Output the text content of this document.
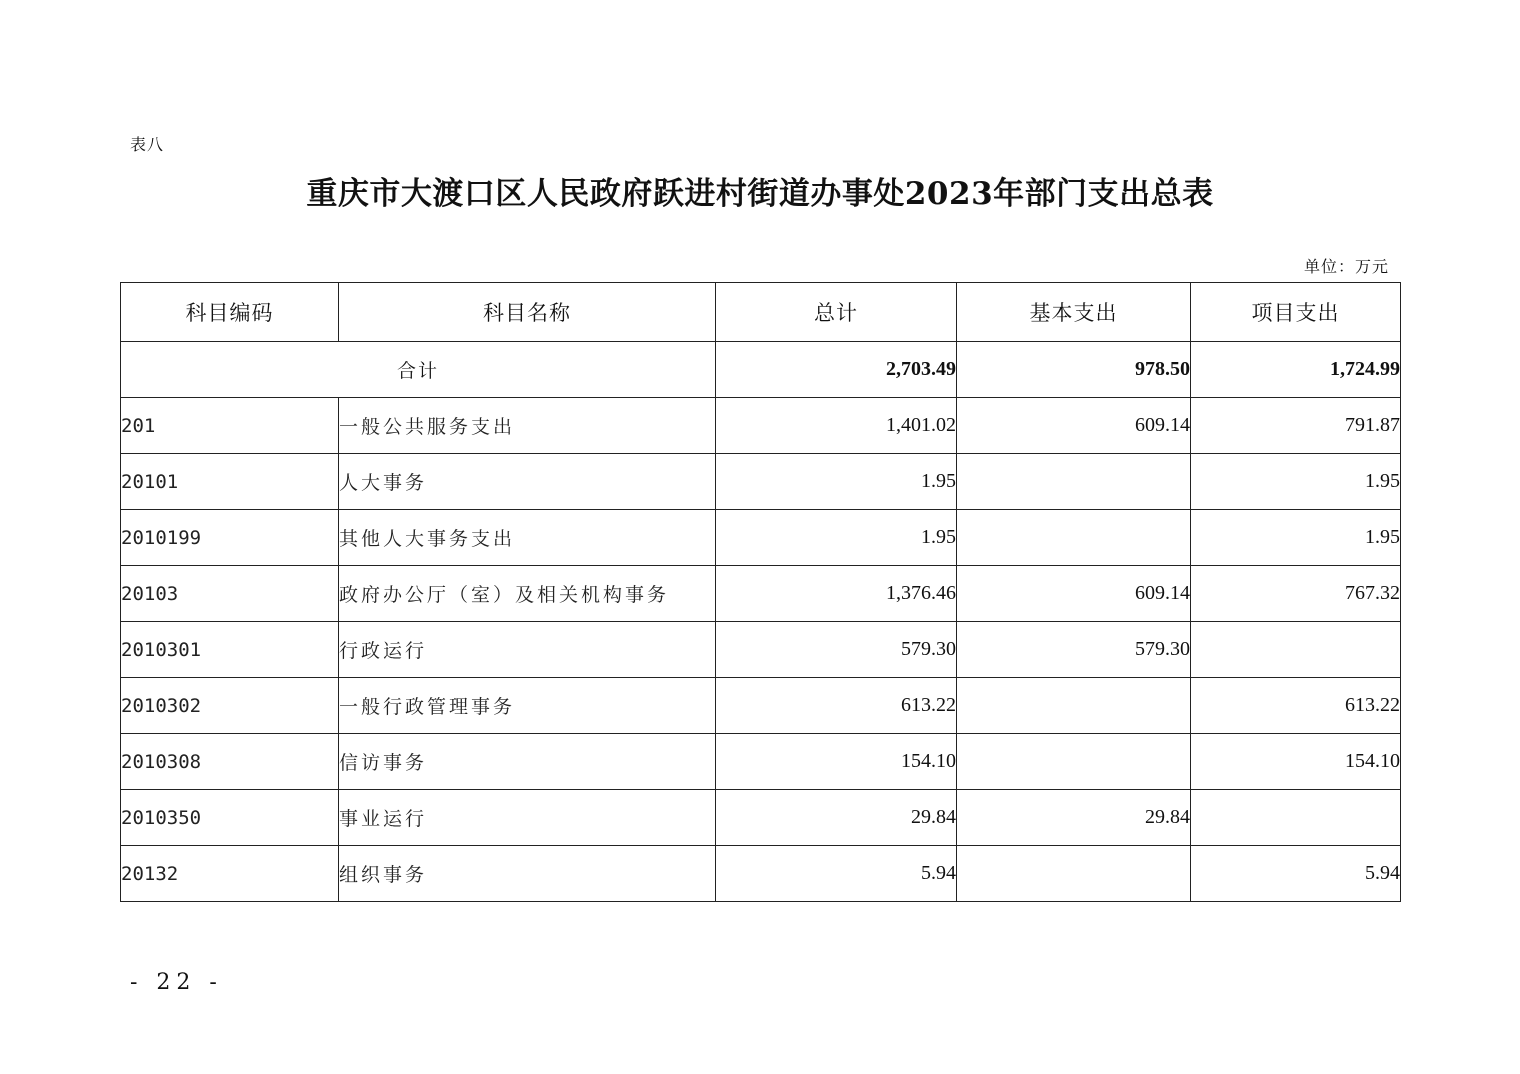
表八
重庆市大渡口区人民政府跃进村街道办事处2023年部门支出总表
单位：万元
科目编码	科目名称	总计	基本支出	项目支出
合计		2,703.49	978.50	1,724.99
201	一般公共服务支出	1,401.02	609.14	791.87
20101	人大事务	1.95		1.95
2010199	其他人大事务支出	1.95		1.95
20103	政府办公厅（室）及相关机构事务	1,376.46	609.14	767.32
2010301	行政运行	579.30	579.30	
2010302	一般行政管理事务	613.22		613.22
2010308	信访事务	154.10		154.10
2010350	事业运行	29.84	29.84	
20132	组织事务	5.94		5.94
- 22 -
